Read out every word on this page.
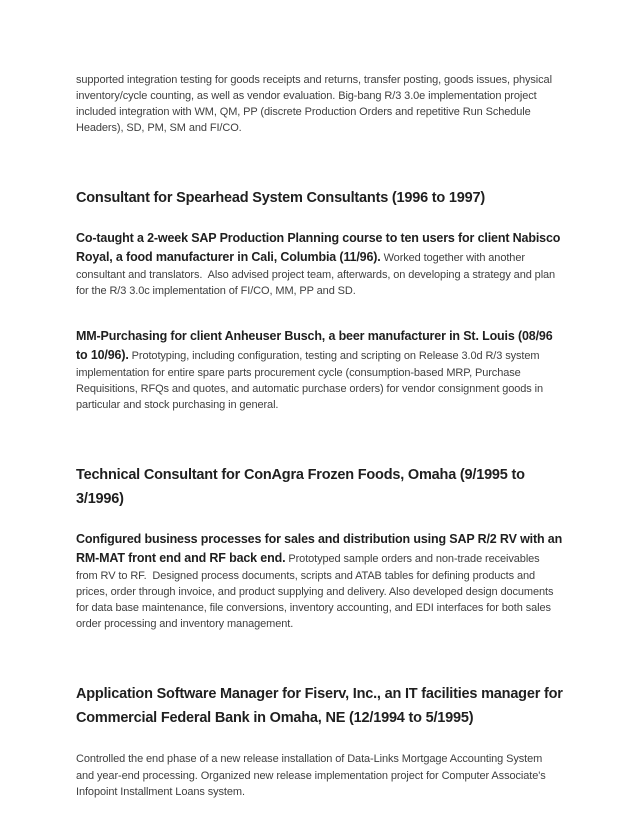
supported integration testing for goods receipts and returns, transfer posting, goods issues, physical inventory/cycle counting, as well as vendor evaluation. Big-bang R/3 3.0e implementation project included integration with WM, QM, PP (discrete Production Orders and repetitive Run Schedule Headers), SD, PM, SM and FI/CO.

Consultant for Spearhead System Consultants (1996 to 1997)

Co-taught a 2-week SAP Production Planning course to ten users for client Nabisco Royal, a food manufacturer in Cali, Columbia (11/96). Worked together with another consultant and translators.  Also advised project team, afterwards, on developing a strategy and plan for the R/3 3.0c implementation of FI/CO, MM, PP and SD.

MM-Purchasing for client Anheuser Busch, a beer manufacturer in St. Louis (08/96 to 10/96). Prototyping, including configuration, testing and scripting on Release 3.0d R/3 system implementation for entire spare parts procurement cycle (consumption-based MRP, Purchase Requisitions, RFQs and quotes, and automatic purchase orders) for vendor consignment goods in particular and stock purchasing in general.

Technical Consultant for ConAgra Frozen Foods, Omaha (9/1995 to 3/1996)

Configured business processes for sales and distribution using SAP R/2 RV with an RM-MAT front end and RF back end. Prototyped sample orders and non-trade receivables from RV to RF.  Designed process documents, scripts and ATAB tables for defining products and prices, order through invoice, and product supplying and delivery. Also developed design documents for data base maintenance, file conversions, inventory accounting, and EDI interfaces for both sales order processing and inventory management.

Application Software Manager for Fiserv, Inc., an IT facilities manager for Commercial Federal Bank in Omaha, NE (12/1994 to 5/1995)

Controlled the end phase of a new release installation of Data-Links Mortgage Accounting System and year-end processing. Organized new release implementation project for Computer Associate's Infopoint Installment Loans system.
